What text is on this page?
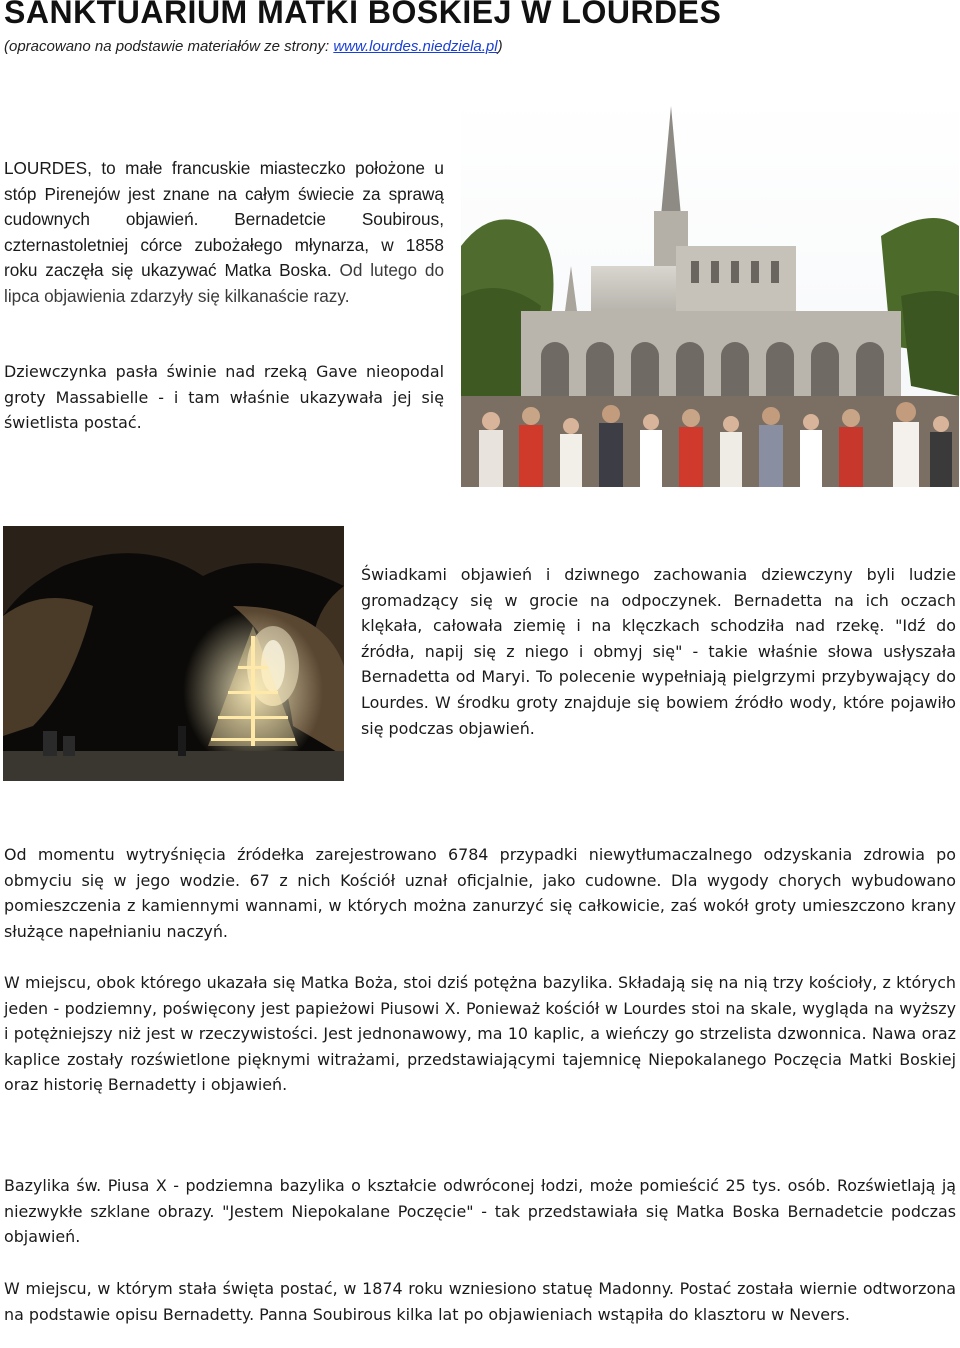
SANKTUARIUM MATKI BOSKIEJ W LOURDES

(opracowano na podstawie materiałów ze strony: www.lourdes.niedziela.pl)

LOURDES, to małe francuskie miasteczko położone u stóp Pirenejów jest znane na całym świecie za sprawą cudownych objawień. Bernadetcie Soubirous, czternastoletniej córce zubożałego młynarza, w 1858 roku zaczęła się ukazywać Matka Boska. Od lutego do lipca objawienia zdarzyły się kilkanaście razy.

Dziewczynka pasła świnie nad rzeką Gave nieopodal groty Massabielle - i tam właśnie ukazywała jej się świetlista postać.

Świadkami objawień i dziwnego zachowania dziewczyny byli ludzie gromadzący się w grocie na odpoczynek. Bernadetta na ich oczach klękała, całowała ziemię i na klęczkach schodziła nad rzekę. "Idź do źródła, napij się z niego i obmyj się" - takie właśnie słowa usłyszała Bernadetta od Maryi. To polecenie wypełniają pielgrzymi przybywający do Lourdes. W środku groty znajduje się bowiem źródło wody, które pojawiło się podczas objawień.

Od momentu wytryśnięcia źródełka zarejestrowano 6784 przypadki niewytłumaczalnego odzyskania zdrowia po obmyciu się w jego wodzie. 67 z nich Kościół uznał oficjalnie, jako cudowne. Dla wygody chorych wybudowano pomieszczenia z kamiennymi wannami, w których można zanurzyć się całkowicie, zaś wokół groty umieszczono krany służące napełnianiu naczyń.

W miejscu, obok którego ukazała się Matka Boża, stoi dziś potężna bazylika. Składają się na nią trzy kościoły, z których jeden - podziemny, poświęcony jest papieżowi Piusowi X. Ponieważ kościół w Lourdes stoi na skale, wygląda na wyższy i potężniejszy niż jest w rzeczywistości. Jest jednonawowy, ma 10 kaplic, a wieńczy go strzelista dzwonnica. Nawa oraz kaplice zostały rozświetlone pięknymi witrażami, przedstawiającymi tajemnicę Niepokalanego Poczęcia Matki Boskiej oraz historię Bernadetty i objawień.

Bazylika św. Piusa X - podziemna bazylika o kształcie odwróconej łodzi, może pomieścić 25 tys. osób. Rozświetlają ją niezwykłe szklane obrazy. "Jestem Niepokalane Poczęcie" - tak przedstawiała się Matka Boska Bernadetcie podczas objawień.

W miejscu, w którym stała święta postać, w 1874 roku wzniesiono statuę Madonny. Postać została wiernie odtworzona na podstawie opisu Bernadetty. Panna Soubirous kilka lat po objawieniach wstąpiła do klasztoru w Nevers.
